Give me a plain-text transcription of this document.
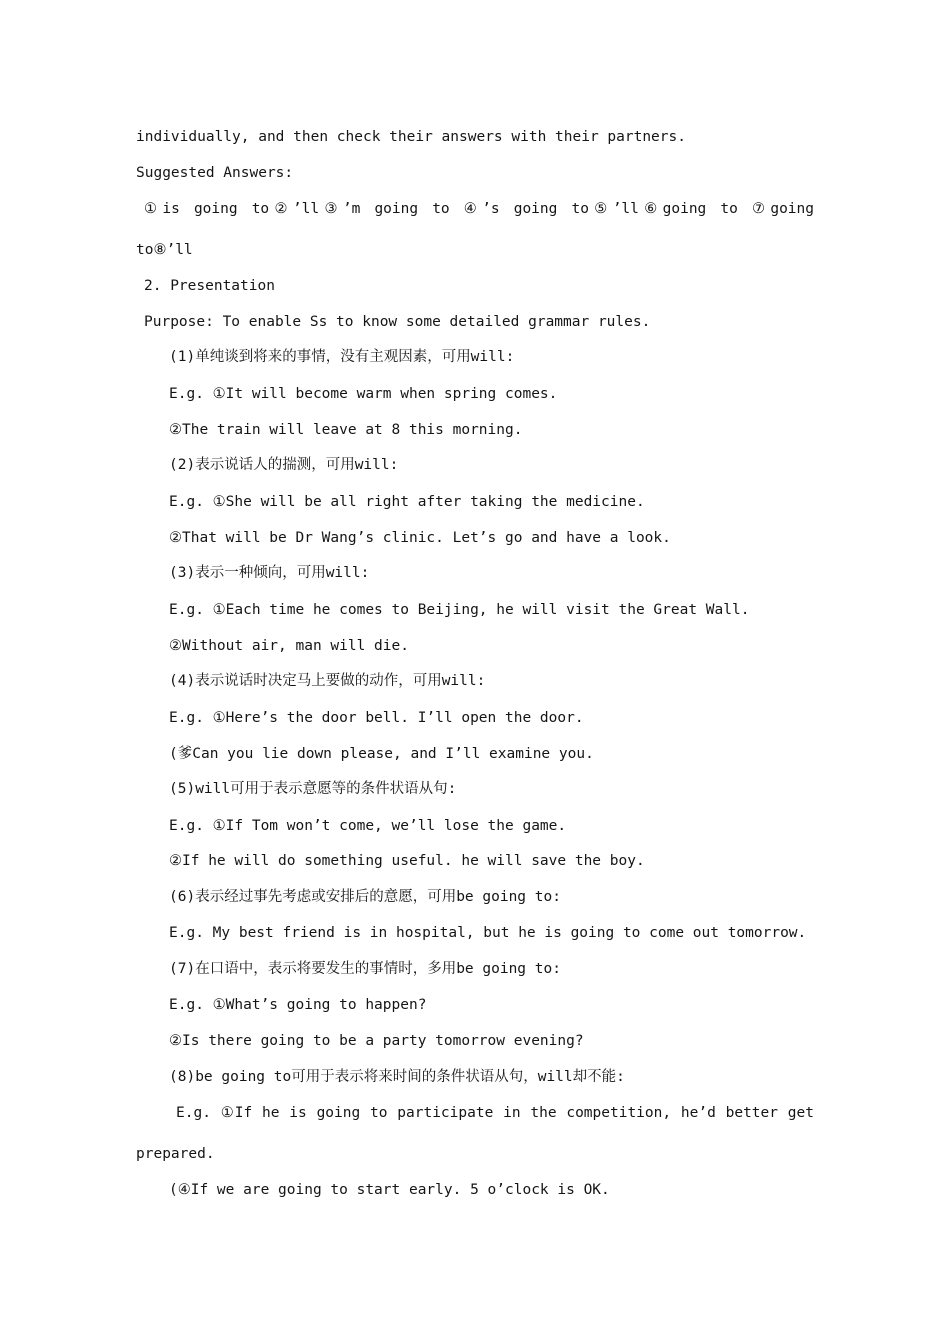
individually, and then check their answers with their partners.
Suggested Answers:
①is going to②’ll③’m going to ④’s going to⑤’ll⑥going to ⑦going
to⑧’ll
2. Presentation
Purpose: To enable Ss to know some detailed grammar rules.
(1)单纯谈到将来的事情，没有主观因素，可用will:
E.g. ①It will become warm when spring comes.
②The train will leave at 8 this morning.
(2)表示说话人的揣测，可用will:
E.g. ①She will be all right after taking the medicine.
②That will be Dr Wang’s clinic. Let’s go and have a look.
(3)表示一种倾向，可用will:
E.g. ①Each time he comes to Beijing, he will visit the Great Wall.
②Without air, man will die.
(4)表示说话时决定马上要做的动作，可用will:
E.g. ①Here’s the door bell. I’ll open the door.
(爹Can you lie down please, and I’ll examine you.
(5)will可用于表示意愿等的条件状语从句:
E.g. ①If Tom won’t come, we’ll lose the game.
②If he will do something useful. he will save the boy.
(6)表示经过事先考虑或安排后的意愿，可用be going to:
E.g. My best friend is in hospital, but he is going to come out tomorrow.
(7)在口语中，表示将要发生的事情时，多用be going to:
E.g. ①What’s going to happen?
②Is there going to be a party tomorrow evening?
(8)be going to可用于表示将来时间的条件状语从句，will却不能:
E.g. ①If he is going to participate in the competition, he’d better get
prepared.
(④If we are going to start early. 5 o’clock is OK.
